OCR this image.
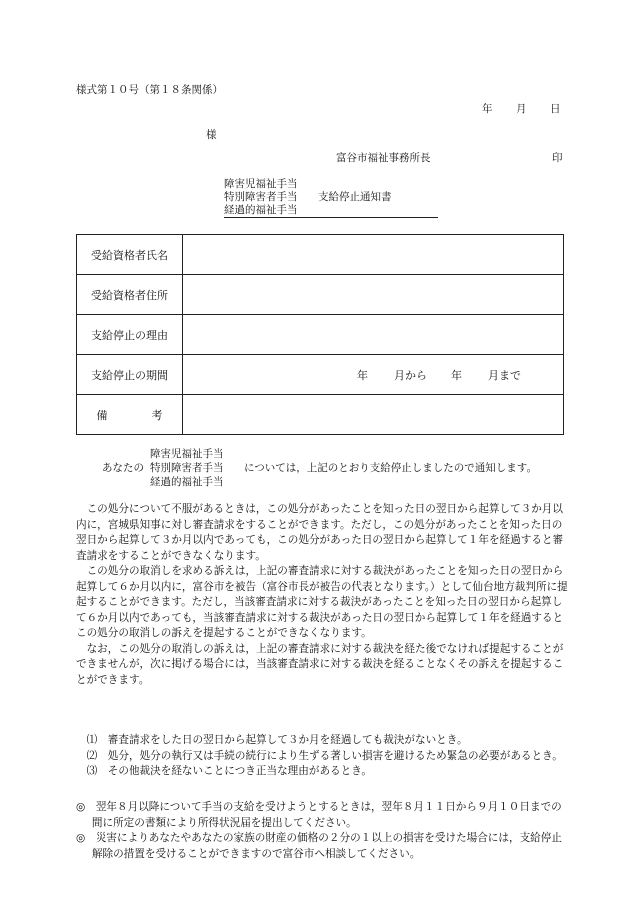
様式第１０号（第１８条関係）
年 月 日
様
富谷市福祉事務所長	印
障害児福祉手当
特別障害者手当
経過的福祉手当
支給停止通知書
受給資格者氏名	
受給資格者住所	
支給停止の理由	
支給停止の期間	年 月から 年 月まで

備　　　　考	
障害児福祉手当
あなたの 特別障害者手当 については，上記のとおり支給停止しましたので通知します。
経過的福祉手当

この処分について不服があるときは，この処分があったことを知った日の翌日から起算して３か月以内に，宮城県知事に対し審査請求をすることができます。ただし，この処分があったことを知った日の翌日から起算して３か月以内であっても，この処分があった日の翌日から起算して１年を経過すると審査請求をすることができなくなります。

この処分の取消しを求める訴えは，上記の審査請求に対する裁決があったことを知った日の翌日から起算して６か月以内に，富谷市を被告（富谷市長が被告の代表となります。）として仙台地方裁判所に提起することができます。ただし，当該審査請求に対する裁決があったことを知った日の翌日から起算して６か月以内であっても，当該審査請求に対する裁決があった日の翌日から起算して１年を経過するとこの処分の取消しの訴えを提起することができなくなります。

なお，この処分の取消しの訴えは，上記の審査請求に対する裁決を経た後でなければ提起することができませんが，次に掲げる場合には，当該審査請求に対する裁決を経ることなくその訴えを提起することができます。

⑴　審査請求をした日の翌日から起算して３か月を経過しても裁決がないとき。
⑵　処分，処分の執行又は手続の続行により生ずる著しい損害を避けるため緊急の必要があるとき。
⑶　その他裁決を経ないことにつき正当な理由があるとき。
◎　翌年８月以降について手当の支給を受けようとするときは，翌年８月１１日から９月１０日までの間に所定の書類により所得状況届を提出してください。
◎　災害によりあなたやあなたの家族の財産の価格の２分の１以上の損害を受けた場合には，支給停止解除の措置を受けることができますので富谷市へ相談してください。
